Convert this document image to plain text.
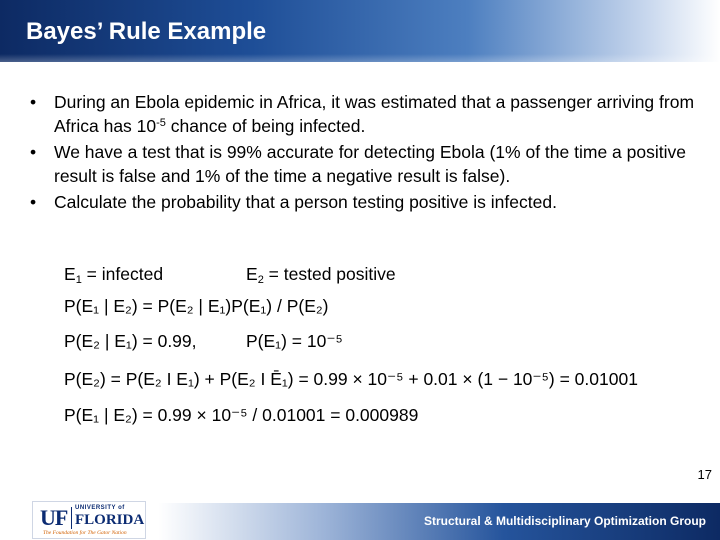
Bayes’ Rule Example
• During an Ebola epidemic in Africa, it was estimated that a passenger arriving from Africa has $10^{-5}$ chance of being infected.
• We have a test that is 99% accurate for detecting Ebola (1% of the time a positive result is false and 1% of the time a negative result is false).
• Calculate the probability that a person testing positive is infected.
$E_1$ = infected	$E_2$ = tested positive
P(E₁ | E₂) = P(E₂ | E₁)P(E₁) / P(E₂)
P(E₂ | E₁) = 0.99,	P(E₁) = 10⁻⁵
P(E₂) = P(E₂ I E₁) + P(E₂ I Ē₁) = 0.99 × 10⁻⁵ + 0.01 × (1 − 10⁻⁵) = 0.01001
P(E₁ | E₂) = 0.99 × 10⁻⁵ / 0.01001 = 0.000989
17
Structural & Multidisciplinary Optimization Group
UF UNIVERSITY of
FLORIDA
The Foundation for The Gator Nation
